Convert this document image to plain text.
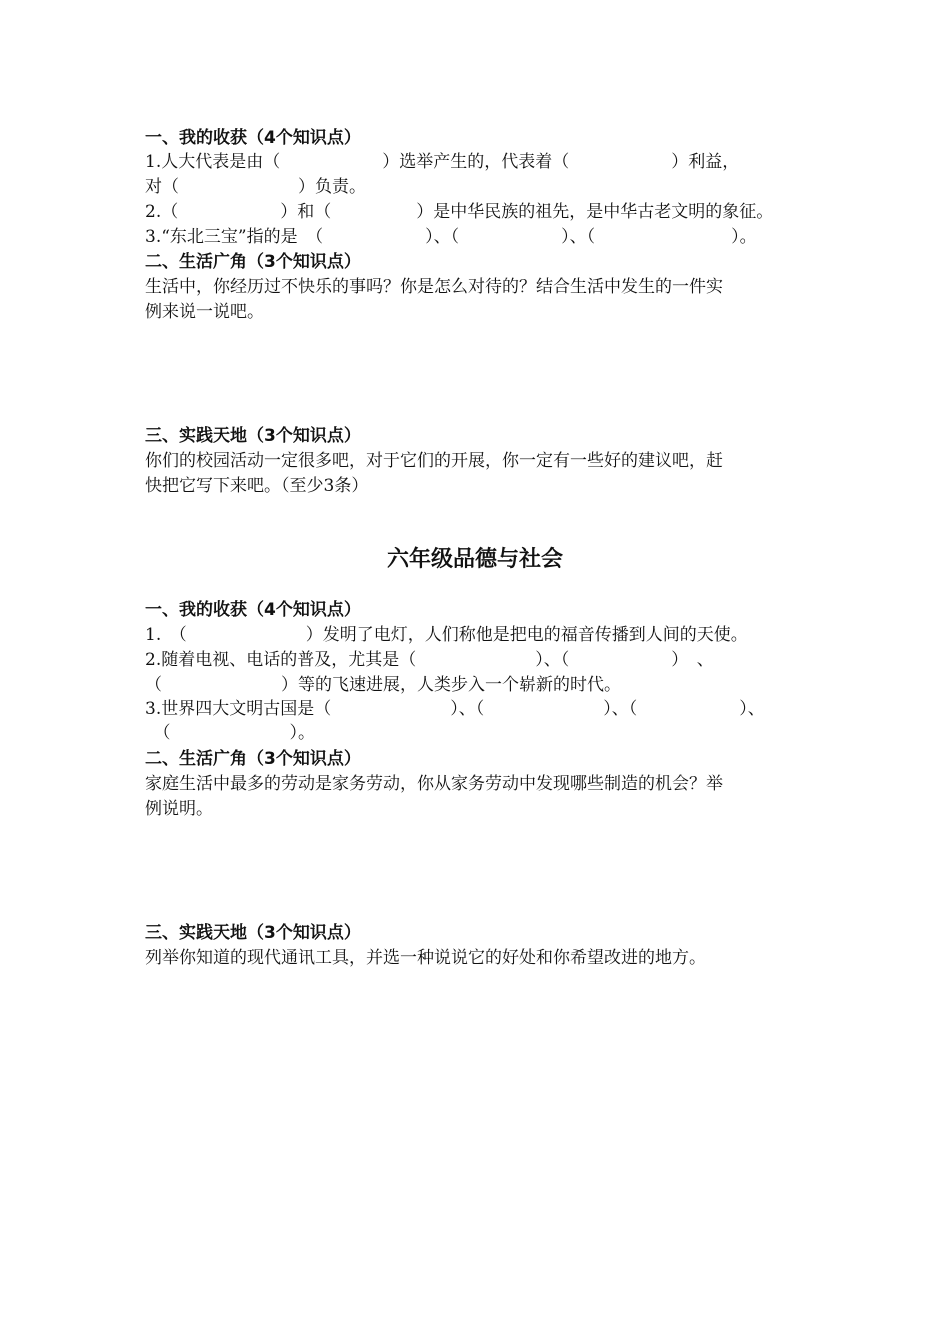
一、我的收获（4个知识点）
1.人大代表是由（　　　　　　）选举产生的，代表着（　　　　　　）利益，
对（　　　　　　　）负责。
2.（　　　　　　）和（　　　　　）是中华民族的祖先，是中华古老文明的象征。
3.“东北三宝”指的是　（　　　　　　）、（　　　　　　）、（　　　　　　　　）。
二、生活广角（3个知识点）
生活中，你经历过不快乐的事吗？你是怎么对待的？结合生活中发生的一件实
例来说一说吧。
三、实践天地（3个知识点）
你们的校园活动一定很多吧，对于它们的开展，你一定有一些好的建议吧，赶
快把它写下来吧。（至少3条）
六年级品德与社会
一、我的收获（4个知识点）
1.　（　　　　　　　）发明了电灯，人们称他是把电的福音传播到人间的天使。
2.随着电视、电话的普及，尤其是（　　　　　　　）、（　　　　　　）　、
（　　　　　　　）等的飞速进展，人类步入一个崭新的时代。
3.世界四大文明古国是（　　　　　　　）、（　　　　　　　）、（　　　　　　）、
　（　　　　　　　）。
二、生活广角（3个知识点）
家庭生活中最多的劳动是家务劳动，你从家务劳动中发现哪些制造的机会？举
例说明。
三、实践天地（3个知识点）
列举你知道的现代通讯工具，并选一种说说它的好处和你希望改进的地方。
